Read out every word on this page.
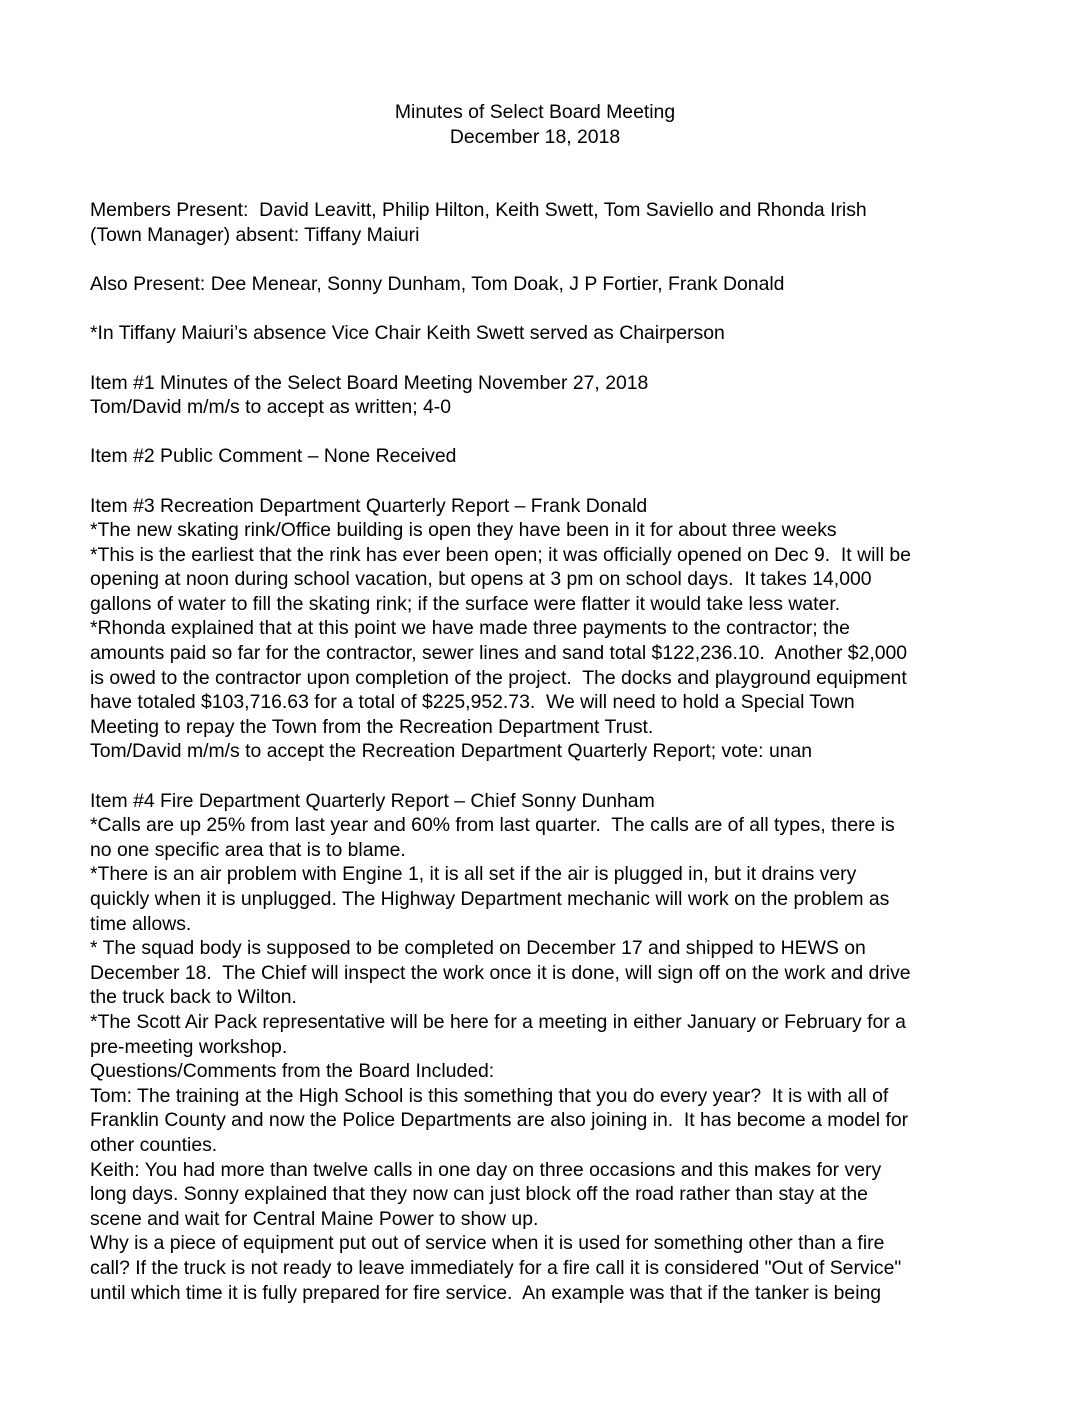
Minutes of Select Board Meeting

December 18, 2018

Members Present:  David Leavitt, Philip Hilton, Keith Swett, Tom Saviello and Rhonda Irish

(Town Manager) absent: Tiffany Maiuri

Also Present: Dee Menear, Sonny Dunham, Tom Doak, J P Fortier, Frank Donald

*In Tiffany Maiuri’s absence Vice Chair Keith Swett served as Chairperson

Item #1 Minutes of the Select Board Meeting November 27, 2018

Tom/David m/m/s to accept as written; 4-0

Item #2 Public Comment – None Received

Item #3 Recreation Department Quarterly Report – Frank Donald

*The new skating rink/Office building is open they have been in it for about three weeks

*This is the earliest that the rink has ever been open; it was officially opened on Dec 9.  It will be

opening at noon during school vacation, but opens at 3 pm on school days.  It takes 14,000

gallons of water to fill the skating rink; if the surface were flatter it would take less water.

*Rhonda explained that at this point we have made three payments to the contractor; the

amounts paid so far for the contractor, sewer lines and sand total $122,236.10.  Another $2,000

is owed to the contractor upon completion of the project.  The docks and playground equipment

have totaled $103,716.63 for a total of $225,952.73.  We will need to hold a Special Town

Meeting to repay the Town from the Recreation Department Trust.

Tom/David m/m/s to accept the Recreation Department Quarterly Report; vote: unan

Item #4 Fire Department Quarterly Report – Chief Sonny Dunham

*Calls are up 25% from last year and 60% from last quarter.  The calls are of all types, there is

no one specific area that is to blame.

*There is an air problem with Engine 1, it is all set if the air is plugged in, but it drains very

quickly when it is unplugged. The Highway Department mechanic will work on the problem as

time allows.

* The squad body is supposed to be completed on December 17 and shipped to HEWS on

December 18.  The Chief will inspect the work once it is done, will sign off on the work and drive

the truck back to Wilton.

*The Scott Air Pack representative will be here for a meeting in either January or February for a

pre-meeting workshop.

Questions/Comments from the Board Included:

Tom: The training at the High School is this something that you do every year?  It is with all of

Franklin County and now the Police Departments are also joining in.  It has become a model for

other counties.

Keith: You had more than twelve calls in one day on three occasions and this makes for very

long days. Sonny explained that they now can just block off the road rather than stay at the

scene and wait for Central Maine Power to show up.

Why is a piece of equipment put out of service when it is used for something other than a fire

call? If the truck is not ready to leave immediately for a fire call it is considered "Out of Service"

until which time it is fully prepared for fire service.  An example was that if the tanker is being
